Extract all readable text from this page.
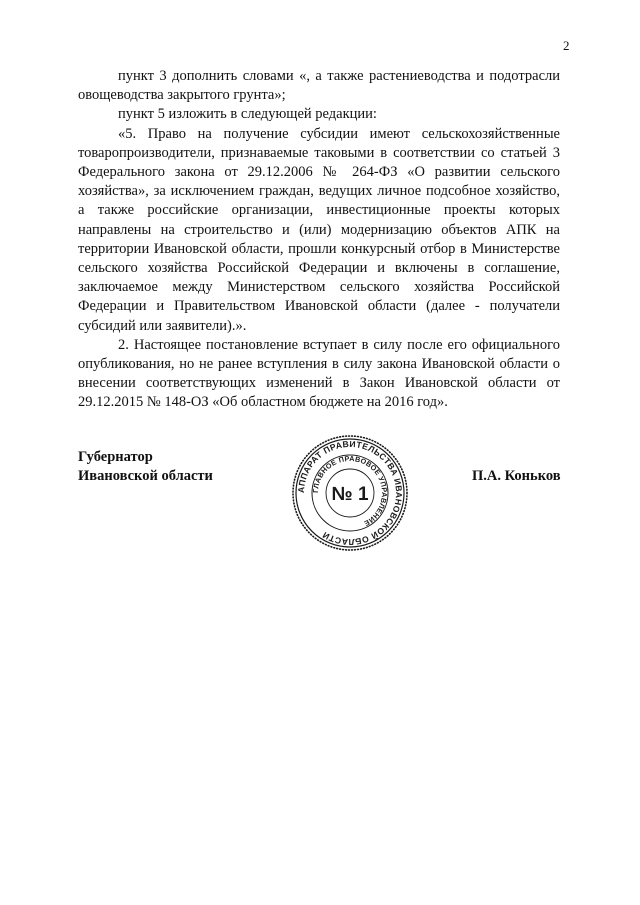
2

пункт 3 дополнить словами «, а также растениеводства и подотрасли овощеводства закрытого грунта»;

пункт 5 изложить в следующей редакции:

«5. Право на получение субсидии имеют сельскохозяйственные товаропроизводители, признаваемые таковыми в соответствии со статьей 3 Федерального закона от 29.12.2006 № 264-ФЗ «О развитии сельского хозяйства», за исключением граждан, ведущих личное подсобное хозяйство, а также российские организации, инвестиционные проекты которых направлены на строительство и (или) модернизацию объектов АПК на территории Ивановской области, прошли конкурсный отбор в Министерстве сельского хозяйства Российской Федерации и включены в соглашение, заключаемое между Министерством сельского хозяйства Российской Федерации и Правительством Ивановской области (далее - получатели субсидий или заявители).».

2. Настоящее постановление вступает в силу после его официального опубликования, но не ранее вступления в силу закона Ивановской области о внесении соответствующих изменений в Закон Ивановской области от 29.12.2015 № 148-ОЗ «Об областном бюджете на 2016 год».

Губернатор
Ивановской области	П.А. Коньков
АППАРАТ ПРАВИТЕЛЬСТВА ИВАНОВСКОЙ ОБЛАСТИ
ГЛАВНОЕ ПРАВОВОЕ УПРАВЛЕНИЕ
№ 1
